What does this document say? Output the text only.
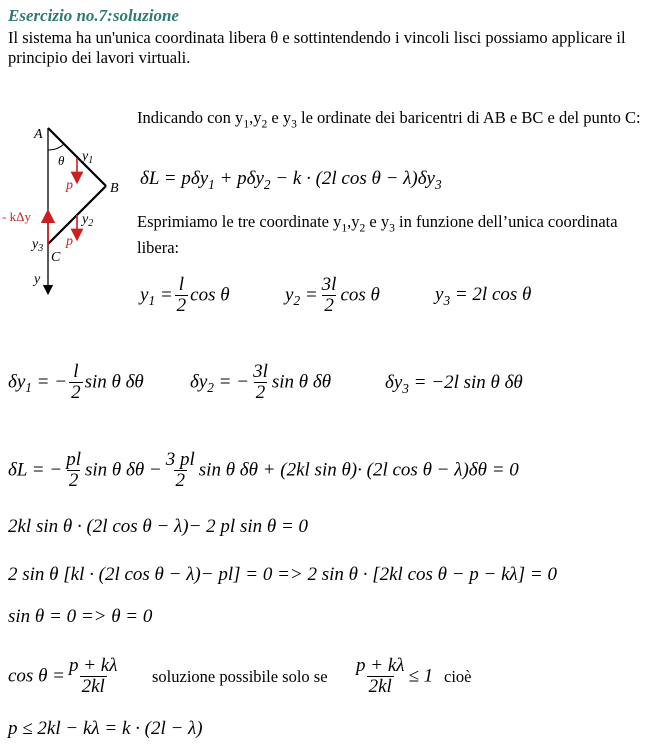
Esercizio no.7:soluzione
Il sistema ha un'unica coordinata libera θ e sottintendendo i vincoli lisci possiamo applicare il principio dei lavori virtuali.
A
B
C
θ $y_1$
$y_2$
$y_3$
p
p
- kΔy
y
Indicando con $y_1,y_2$ e $y_3$ le ordinate dei baricentri di AB e BC e del punto C:
δL = pδy$_1$ + pδy$_2$ − k · (2l $\cos \theta - \lambda)\delta y_3$
Esprimiamo le tre coordinate $y_1,y_2$ e $y_3$ in funzione dell’unica coordinata libera:
$y_1 = \frac{l}{2}$ cos θ	$y_2 = \frac{3l}{2}$ cos θ	$y_3 = 2l$ cos θ
$\delta y_1$ = − $\frac{l}{2}$ sin θ δθ $\delta y_2$ = − $\frac{3l}{2}$ sin θ δθ	$\delta y_3 = -2l$ sin θ δθ
δL = − $\frac{pl}{2}$ sin θ $\delta\theta - \frac{3 pl}{2}$ sin θ δθ + (2kl sin θ)· (2l cos θ − λ)δθ = 0
2kl sin θ · (2l cos θ − λ)− 2 pl sin θ = 0
2 sin θ [kl · (2l cos θ − λ)− pl] = 0 => 2 sin θ · [2kl cos θ − p − kλ] = 0
sin θ = 0 => θ = 0
$\cos \theta = \frac{p + k\lambda}{2kl}$ soluzione possibile solo se $\frac{p + k\lambda}{2kl} \le 1$ cioè
p ≤ 2kl − kλ = k · (2l − λ)
